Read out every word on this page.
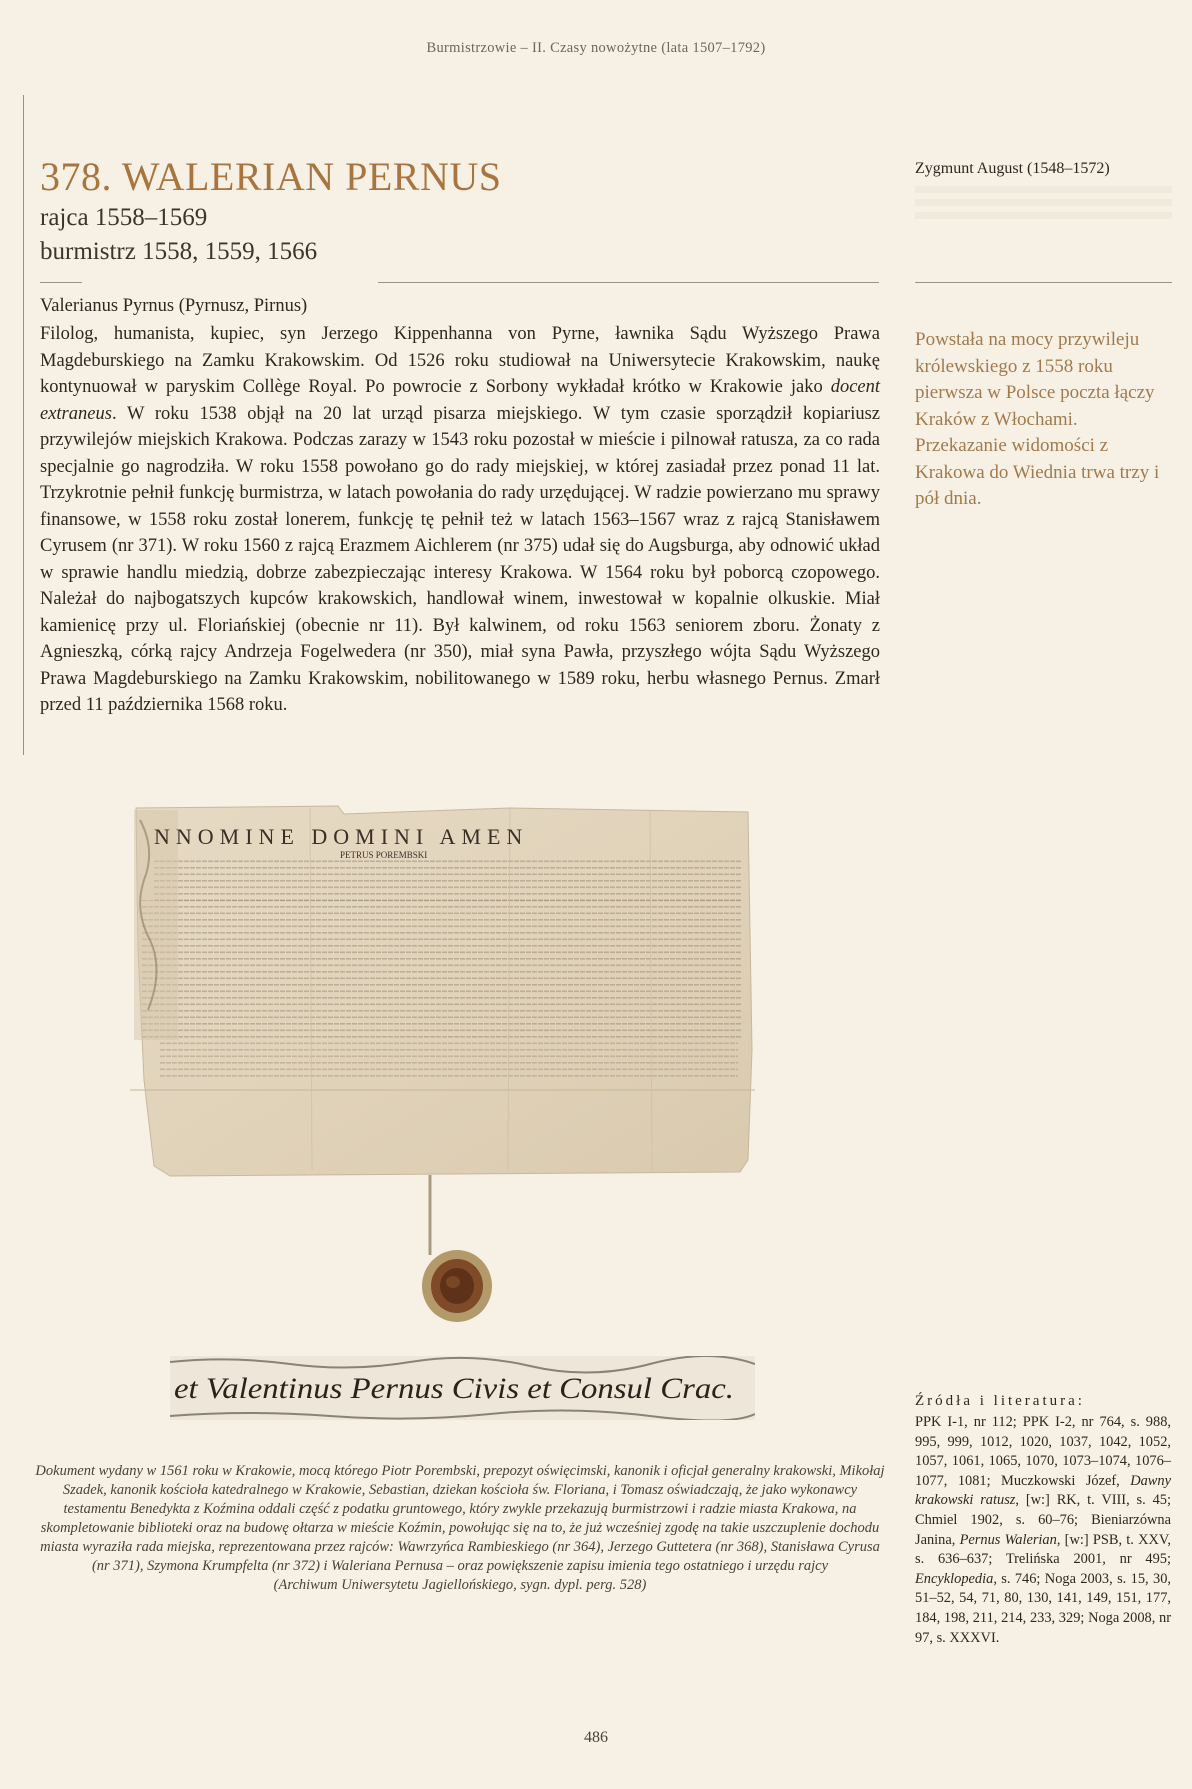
Burmistrzowie – II. Czasy nowożytne (lata 1507–1792)
378. WALERIAN PERNUS
rajca 1558–1569
burmistrz 1558, 1559, 1566
Valerianus Pyrnus (Pyrnusz, Pirnus)

Filolog, humanista, kupiec, syn Jerzego Kippenhanna von Pyrne, ławnika Sądu Wyższego Prawa Magdeburskiego na Zamku Krakowskim. Od 1526 roku studiował na Uniwersytecie Krakowskim, naukę kontynuował w paryskim Collège Royal. Po powrocie z Sorbony wykładał krótko w Krakowie jako docent extraneus. W roku 1538 objął na 20 lat urząd pisarza miejskiego. W tym czasie sporządził kopiariusz przywilejów miejskich Krakowa. Podczas zarazy w 1543 roku pozostał w mieście i pilnował ratusza, za co rada specjalnie go nagrodziła. W roku 1558 powołano go do rady miejskiej, w której zasiadał przez ponad 11 lat. Trzykrotnie pełnił funkcję burmistrza, w latach powołania do rady urzędującej. W radzie powierzano mu sprawy finansowe, w 1558 roku został lonerem, funkcję tę pełnił też w latach 1563–1567 wraz z rajcą Stanisławem Cyrusem (nr 371). W roku 1560 z rajcą Erazmem Aichlerem (nr 375) udał się do Augsburga, aby odnowić układ w sprawie handlu miedzią, dobrze zabezpieczając interesy Krakowa. W 1564 roku był poborcą czopowego. Należał do najbogatszych kupców krakowskich, handlował winem, inwestował w kopalnie olkuskie. Miał kamienicę przy ul. Floriańskiej (obecnie nr 11). Był kalwinem, od roku 1563 seniorem zboru. Żonaty z Agnieszką, córką rajcy Andrzeja Fogelwedera (nr 350), miał syna Pawła, przyszłego wójta Sądu Wyższego Prawa Magdeburskiego na Zamku Krakowskim, nobilitowanego w 1589 roku, herbu własnego Pernus. Zmarł przed 11 października 1568 roku.

Zygmunt August (1548–1572)

Powstała na mocy przywileju królewskiego z 1558 roku pierwsza w Polsce poczta łączy Kraków z Włochami. Przekazanie widomości z Krakowa do Wiednia trwa trzy i pół dnia.

NNOMINE DOMINI AMEN
PETRUS POREMBSKI
et Valentinus Pernus Civis et Consul Crac.

Dokument wydany w 1561 roku w Krakowie, mocą którego Piotr Porembski, prepozyt oświęcimski, kanonik i oficjał generalny krakowski, Mikołaj Szadek, kanonik kościoła katedralnego w Krakowie, Sebastian, dziekan kościoła św. Floriana, i Tomasz oświadczają, że jako wykonawcy testamentu Benedykta z Koźmina oddali część z podatku gruntowego, który zwykle przekazują burmistrzowi i radzie miasta Krakowa, na skompletowanie biblioteki oraz na budowę ołtarza w mieście Koźmin, powołując się na to, że już wcześniej zgodę na takie uszczuplenie dochodu miasta wyraziła rada miejska, reprezentowana przez rajców: Wawrzyńca Rambieskiego (nr 364), Jerzego Guttetera (nr 368), Stanisława Cyrusa (nr 371), Szymona Krumpfelta (nr 372) i Waleriana Pernusa – oraz powiększenie zapisu imienia tego ostatniego i urzędu rajcy
(Archiwum Uniwersytetu Jagiellońskiego, sygn. dypl. perg. 528)

Źródła i literatura:

PPK I-1, nr 112; PPK I-2, nr 764, s. 988, 995, 999, 1012, 1020, 1037, 1042, 1052, 1057, 1061, 1065, 1070, 1073–1074, 1076–1077, 1081; Muczkowski Józef, Dawny krakowski ratusz, [w:] RK, t. VIII, s. 45; Chmiel 1902, s. 60–76; Bieniarzówna Janina, Pernus Walerian, [w:] PSB, t. XXV, s. 636–637; Trelińska 2001, nr 495; Encyklopedia, s. 746; Noga 2003, s. 15, 30, 51–52, 54, 71, 80, 130, 141, 149, 151, 177, 184, 198, 211, 214, 233, 329; Noga 2008, nr 97, s. XXXVI.

486
